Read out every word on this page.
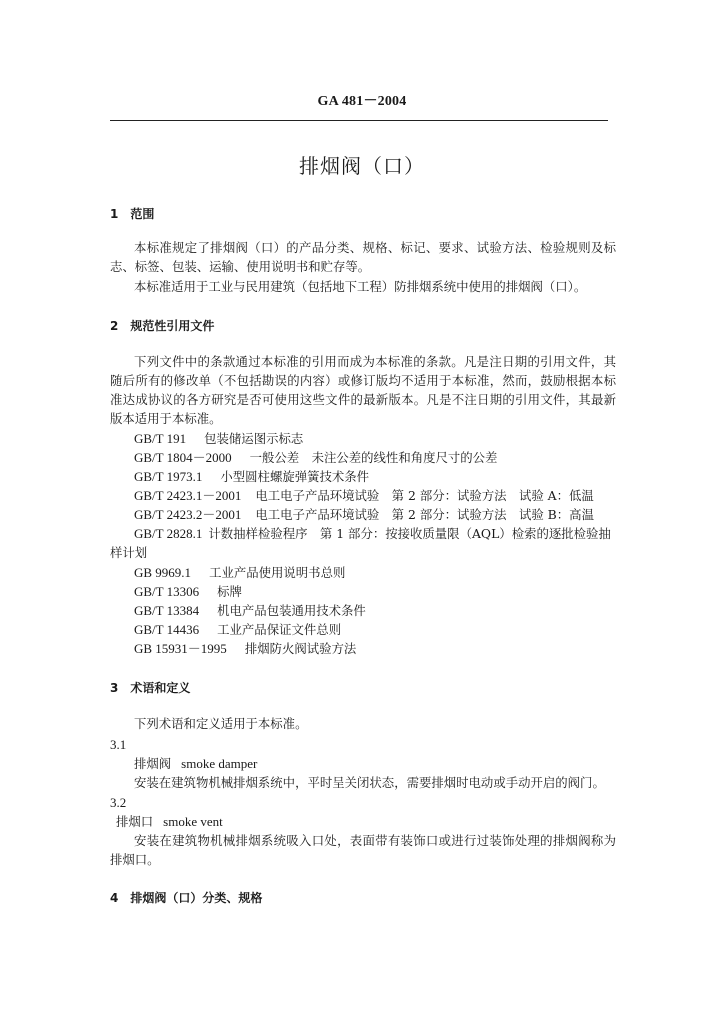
GA 481－2004
排烟阀（口）
1　范围
本标准规定了排烟阀（口）的产品分类、规格、标记、要求、试验方法、检验规则及标
志、标签、包装、运输、使用说明书和贮存等。
本标准适用于工业与民用建筑（包括地下工程）防排烟系统中使用的排烟阀（口）。
2　规范性引用文件
下列文件中的条款通过本标准的引用而成为本标准的条款。凡是注日期的引用文件，其
随后所有的修改单（不包括勘误的内容）或修订版均不适用于本标准，然而，鼓励根据本标
准达成协议的各方研究是否可使用这些文件的最新版本。凡是不注日期的引用文件，其最新
版本适用于本标准。
GB/T 191 包装储运图示标志
GB/T 1804－2000 一般公差　未注公差的线性和角度尺寸的公差
GB/T 1973.1 小型圆柱螺旋弹簧技术条件
GB/T 2423.1－2001 电工电子产品环境试验　第 2 部分：试验方法　试验 A：低温
GB/T 2423.2－2001 电工电子产品环境试验　第 2 部分：试验方法　试验 B：高温
GB/T 2828.1 计数抽样检验程序　第 1 部分：按接收质量限（AQL）检索的逐批检验抽
样计划
GB 9969.1 工业产品使用说明书总则
GB/T 13306 标牌
GB/T 13384 机电产品包装通用技术条件
GB/T 14436 工业产品保证文件总则
GB 15931－1995 排烟防火阀试验方法
3　术语和定义
下列术语和定义适用于本标准。
3.1
排烟阀 smoke damper
安装在建筑物机械排烟系统中，平时呈关闭状态，需要排烟时电动或手动开启的阀门。
3.2
排烟口 smoke vent
安装在建筑物机械排烟系统吸入口处，表面带有装饰口或进行过装饰处理的排烟阀称为
排烟口。
4　排烟阀（口）分类、规格
